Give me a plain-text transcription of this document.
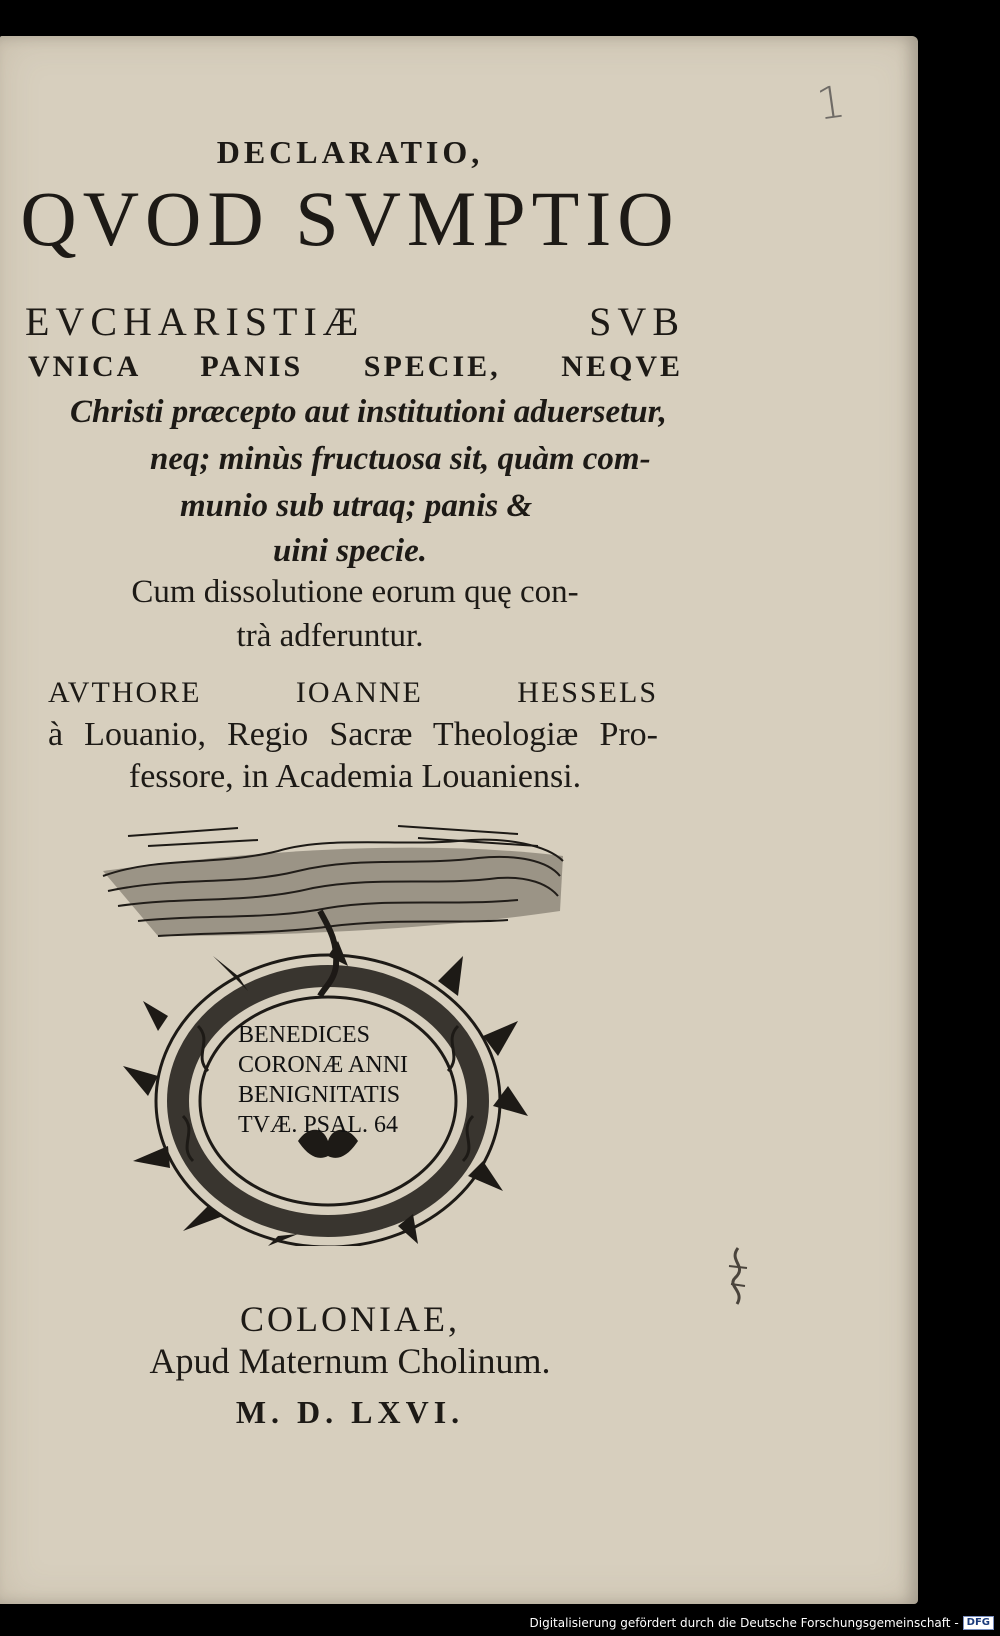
1
DECLARATIO,
QVOD SVMPTIO
EVCHARISTIÆ SVB
VNICA PANIS SPECIE, NEQVE
Christi præcepto aut institutioni aduersetur,
neq; minùs fructuosa sit, quàm com-
munio sub utraq; panis &
uini specie.
Cum dissolutione eorum quę con-
trà adferuntur.
AVTHORE IOANNE HESSELS
à Louanio, Regio Sacræ Theologiæ Pro-
fessore, in Academia Louaniensi.
BENEDICES
CORONÆ ANNI
BENIGNITATIS
TVÆ. PSAL. 64
COLONIAE,
Apud Maternum Cholinum.
M. D. LXVI.
Digitalisierung gefördert durch die Deutsche Forschungsgemeinschaft - DFG
